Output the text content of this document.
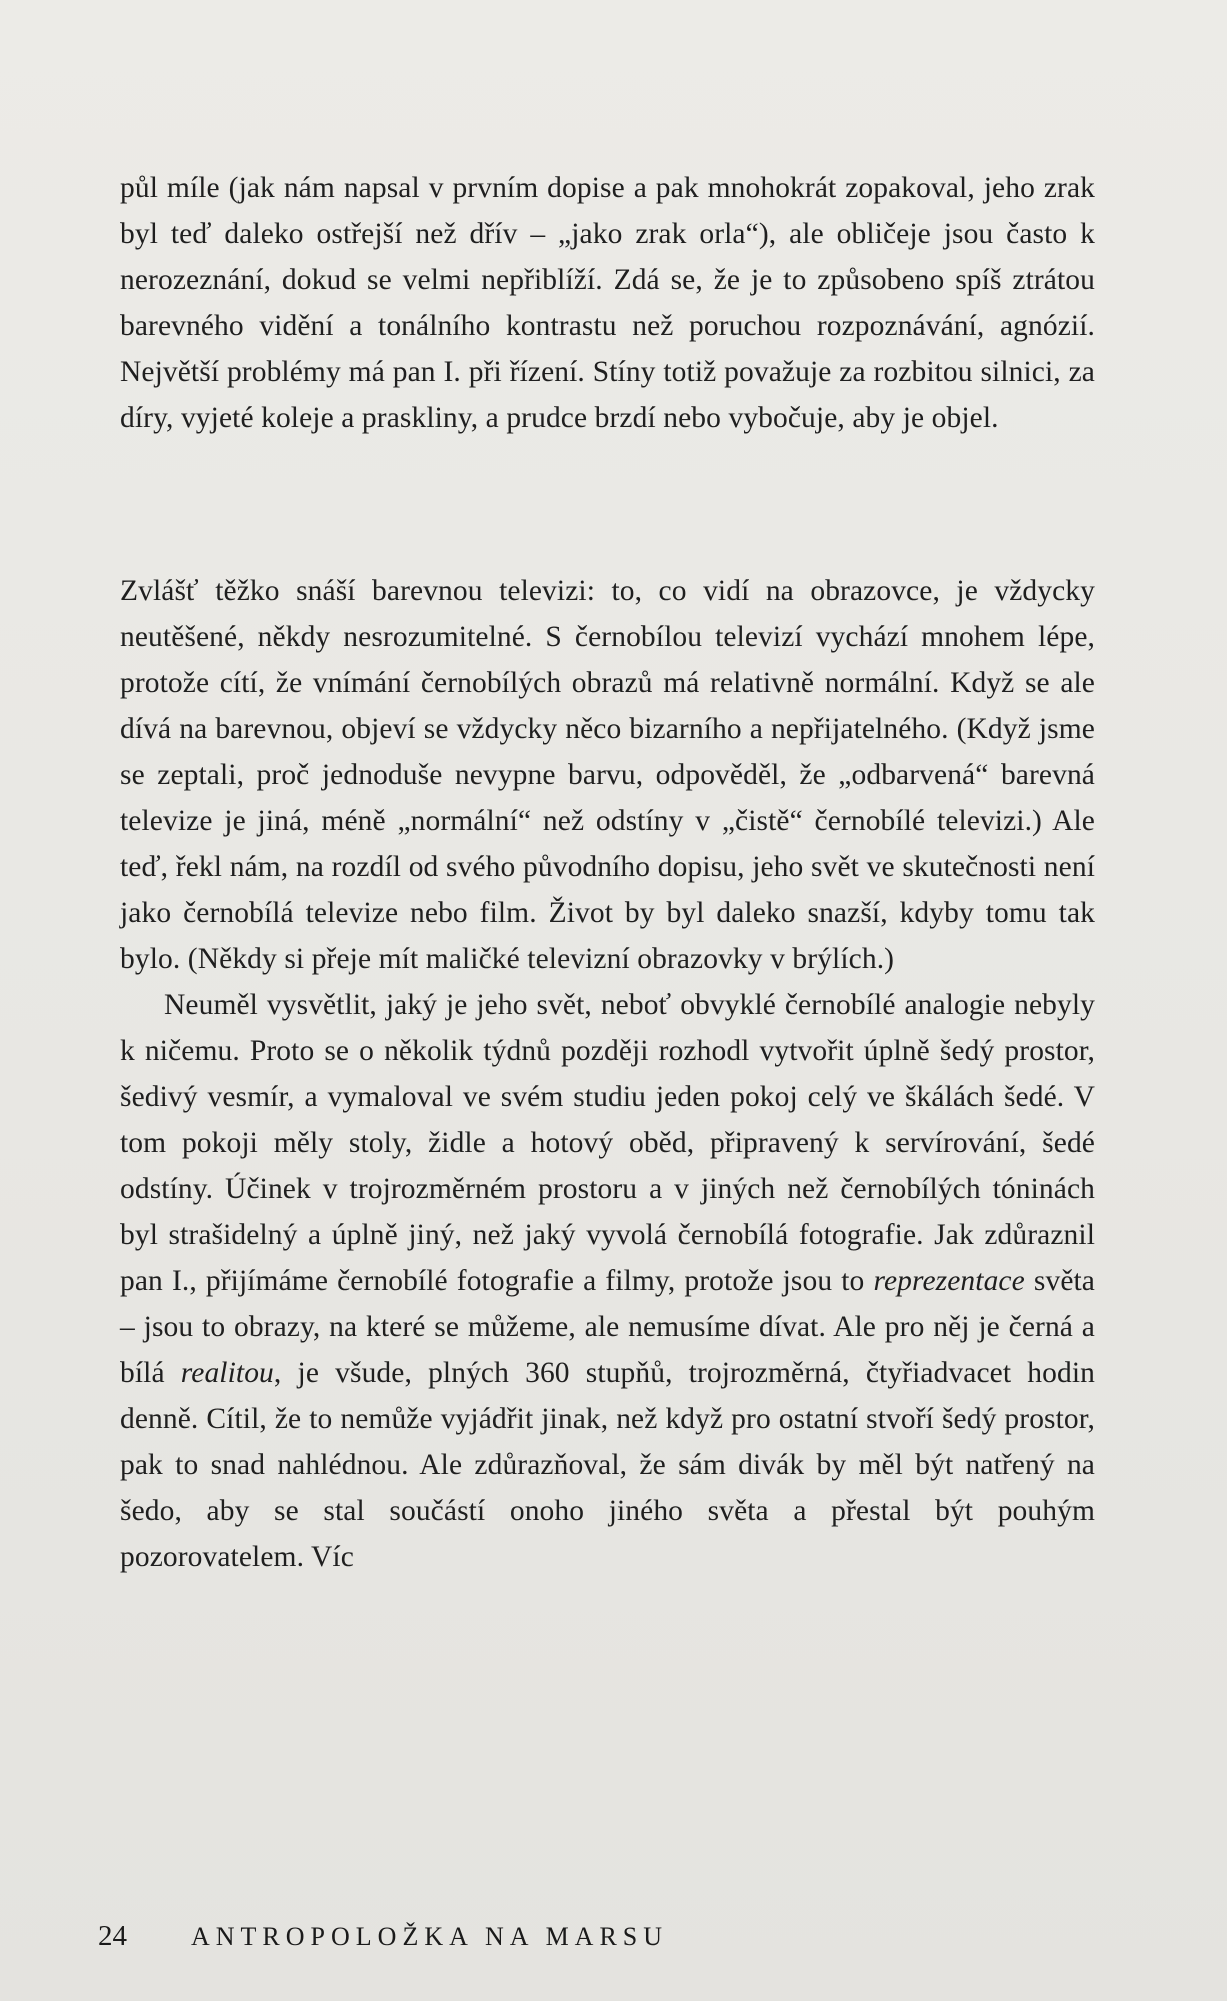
půl míle (jak nám napsal v prvním dopise a pak mnohokrát zopakoval, jeho zrak byl teď daleko ostřejší než dřív – „jako zrak orla“), ale obličeje jsou často k nerozeznání, dokud se velmi nepřiblíží. Zdá se, že je to způsobeno spíš ztrátou barevného vidění a tonálního kontrastu než poruchou rozpoznávání, agnózií. Největší problémy má pan I. při řízení. Stíny totiž považuje za rozbitou silnici, za díry, vyjeté koleje a praskliny, a prudce brzdí nebo vybočuje, aby je objel.

Zvlášť těžko snáší barevnou televizi: to, co vidí na obrazovce, je vždycky neutěšené, někdy nesrozumitelné. S černobílou televizí vychází mnohem lépe, protože cítí, že vnímání černobílých obrazů má relativně normální. Když se ale dívá na barevnou, objeví se vždycky něco bizarního a nepřijatelného. (Když jsme se zeptali, proč jednoduše nevypne barvu, odpověděl, že „odbarvená“ barevná televize je jiná, méně „normální“ než odstíny v „čistě“ černobílé televizi.) Ale teď, řekl nám, na rozdíl od svého původního dopisu, jeho svět ve skutečnosti není jako černobílá televize nebo film. Život by byl daleko snazší, kdyby tomu tak bylo. (Někdy si přeje mít maličké televizní obrazovky v brýlích.)

Neuměl vysvětlit, jaký je jeho svět, neboť obvyklé černobílé analogie nebyly k ničemu. Proto se o několik týdnů později rozhodl vytvořit úplně šedý prostor, šedivý vesmír, a vymaloval ve svém studiu jeden pokoj celý ve škálách šedé. V tom pokoji měly stoly, židle a hotový oběd, připravený k servírování, šedé odstíny. Účinek v trojrozměrném prostoru a v jiných než černobílých tóninách byl strašidelný a úplně jiný, než jaký vyvolá černobílá fotografie. Jak zdůraznil pan I., přijímáme černobílé fotografie a filmy, protože jsou to reprezentace světa – jsou to obrazy, na které se můžeme, ale nemusíme dívat. Ale pro něj je černá a bílá realitou, je všude, plných 360 stupňů, trojrozměrná, čtyřiadvacet hodin denně. Cítil, že to nemůže vyjádřit jinak, než když pro ostatní stvoří šedý prostor, pak to snad nahlédnou. Ale zdůrazňoval, že sám divák by měl být natřený na šedo, aby se stal součástí onoho jiného světa a přestal být pouhým pozorovatelem. Víc

24 ANTROPOLOŽKA NA MARSU
